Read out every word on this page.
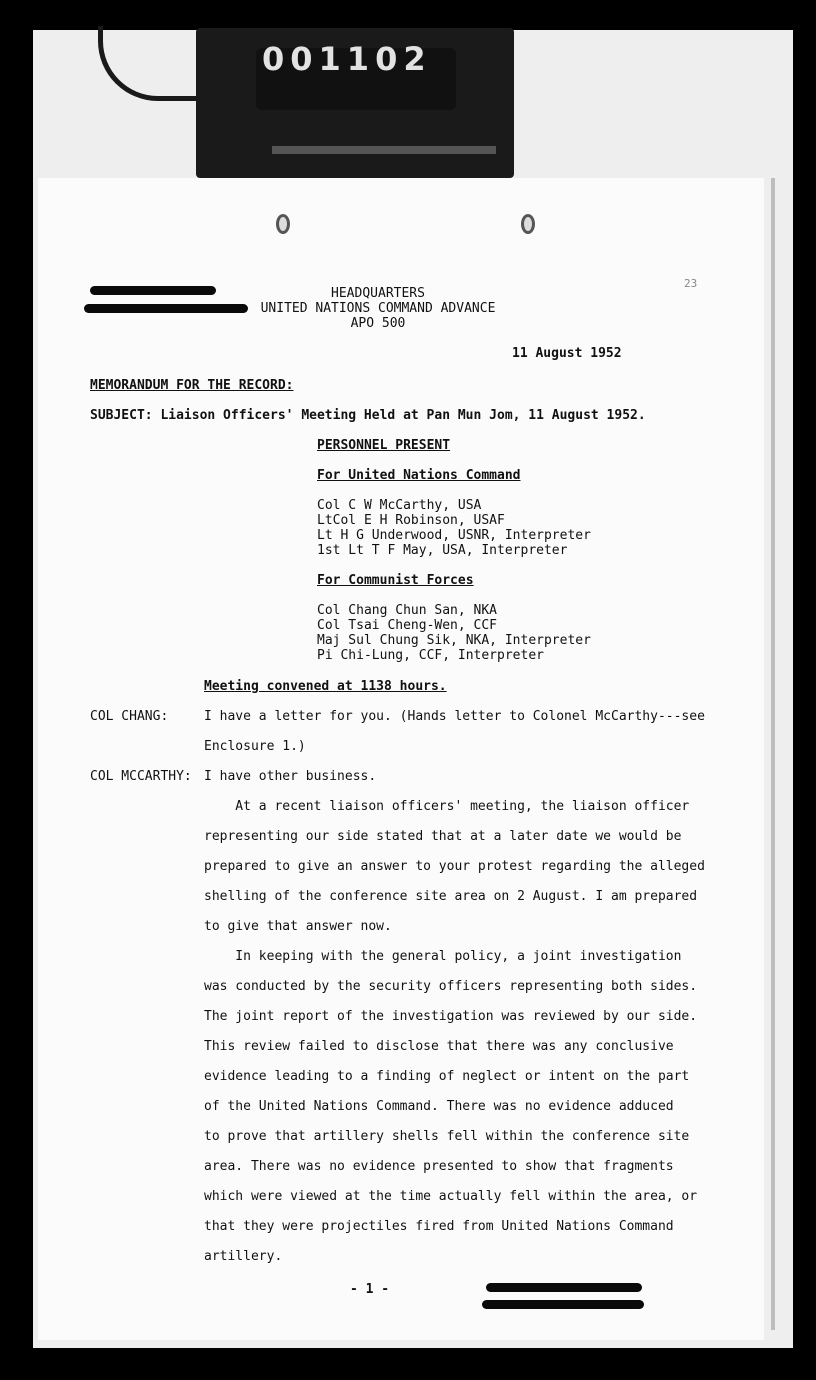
001102
23
HEADQUARTERS
UNITED NATIONS COMMAND ADVANCE
APO 500
11 August 1952
MEMORANDUM FOR THE RECORD:
SUBJECT: Liaison Officers' Meeting Held at Pan Mun Jom, 11 August 1952.
PERSONNEL PRESENT
For United Nations Command
Col C W McCarthy, USA
LtCol E H Robinson, USAF
Lt H G Underwood, USNR, Interpreter
1st Lt T F May, USA, Interpreter
For Communist Forces
Col Chang Chun San, NKA
Col Tsai Cheng-Wen, CCF
Maj Sul Chung Sik, NKA, Interpreter
Pi Chi-Lung, CCF, Interpreter
Meeting convened at 1138 hours.
COL CHANG:	I have a letter for you. (Hands letter to Colonel McCarthy---see
Enclosure 1.)
COL MCCARTHY: I have other business.
At a recent liaison officers' meeting, the liaison officer
representing our side stated that at a later date we would be
prepared to give an answer to your protest regarding the alleged
shelling of the conference site area on 2 August. I am prepared
to give that answer now.
In keeping with the general policy, a joint investigation
was conducted by the security officers representing both sides.
The joint report of the investigation was reviewed by our side.
This review failed to disclose that there was any conclusive
evidence leading to a finding of neglect or intent on the part
of the United Nations Command. There was no evidence adduced
to prove that artillery shells fell within the conference site
area. There was no evidence presented to show that fragments
which were viewed at the time actually fell within the area, or
that they were projectiles fired from United Nations Command
artillery.
- 1 -
